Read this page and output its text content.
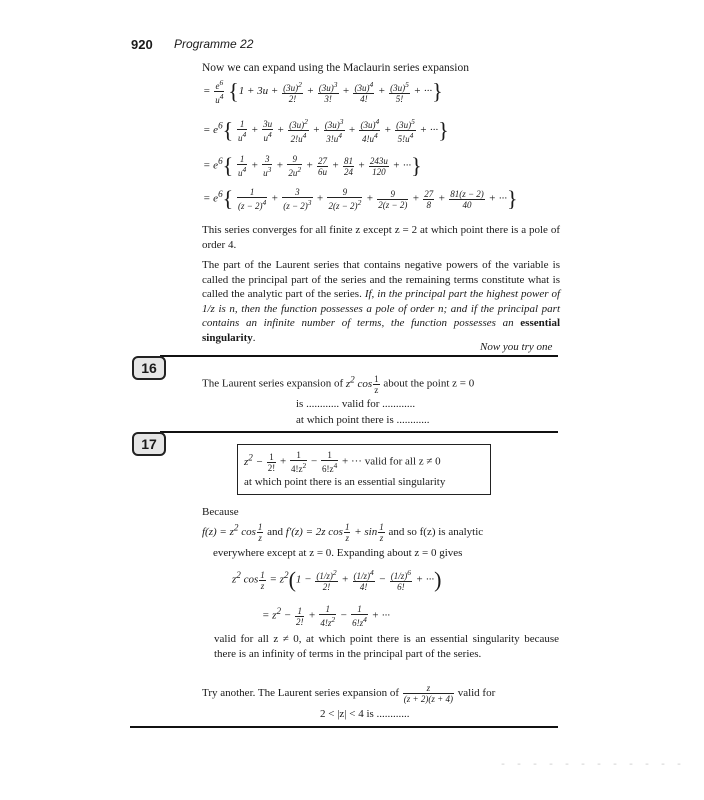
920 Programme 22
Now we can expand using the Maclaurin series expansion
= $\frac{e^6}{u^4} \{1 + 3u + \frac{(3u)^2}{2!} + \frac{(3u)^3}{3!} + \frac{(3u)^4}{4!} + \frac{(3u)^5}{5!}$ + ···}
= $e^6\{ \frac{1}{u^4} + \frac{3u}{u^4} + \frac{(3u)^2}{2!u^4} + \frac{(3u)^3}{3!u^4} + \frac{(3u)^4}{4!u^4} + \frac{(3u)^5}{5!u^4}$ + ···}
= $e^6\{ \frac{1}{u^4} + \frac{3}{u^3} + \frac{9}{2u^2} + \frac{27}{6u} + \frac{81}{24} + \frac{243u}{120}$ + ···}
= $e^6\{ \frac{1}{(z - 2)^4} + \frac{3}{(z - 2)^3} + \frac{9}{2(z - 2)^2} + \frac{9}{2(z - 2)} + \frac{27}{8} + \frac{81(z - 2)}{40}$ + ···}
This series converges for all finite z except z = 2 at which point there is a pole of order 4.
The part of the Laurent series that contains negative powers of the variable is called the principal part of the series and the remaining terms constitute what is called the analytic part of the series. If, in the principal part the highest power of 1/z is n, then the function possesses a pole of order n; and if the principal part contains an infinite number of terms, the function possesses an essential singularity.
Now you try one
16
The Laurent series expansion of $z^2$ $\cos \frac{1}{z}$ about the point z = 0
is ............ valid for ............
at which point there is ............
17
$z^2 - \frac{1}{2!} + \frac{1}{4!z^2} - \frac{1}{6!z^4}$ + ··· valid for all z ≠ 0
at which point there is an essential singularity
Because
$f(z) = z^2$ $\cos \frac{1}{z}$ and f′(z) = 2z $\cos \frac{1}{z} + \sin \frac{1}{z}$ and so f(z) is analytic
everywhere except at z = 0. Expanding about z = 0 gives
$z^2$ $\cos \frac{1}{z} = z^2(1 - \frac{(1/z)^2}{2!} + \frac{(1/z)^4}{4!} - \frac{(1/z)^6}{6!}$ + ···)
= $z^2 - \frac{1}{2!} + \frac{1}{4!z^2} - \frac{1}{6!z^4}$ + ···
valid for all z ≠ 0, at which point there is an essential singularity because there is an infinity of terms in the principal part of the series.
Try another. The Laurent series expansion of $\frac{z}{(z + 2)(z + 4)}$ valid for
2 < |z| < 4 is ............
- - - - - - - - - - - -
